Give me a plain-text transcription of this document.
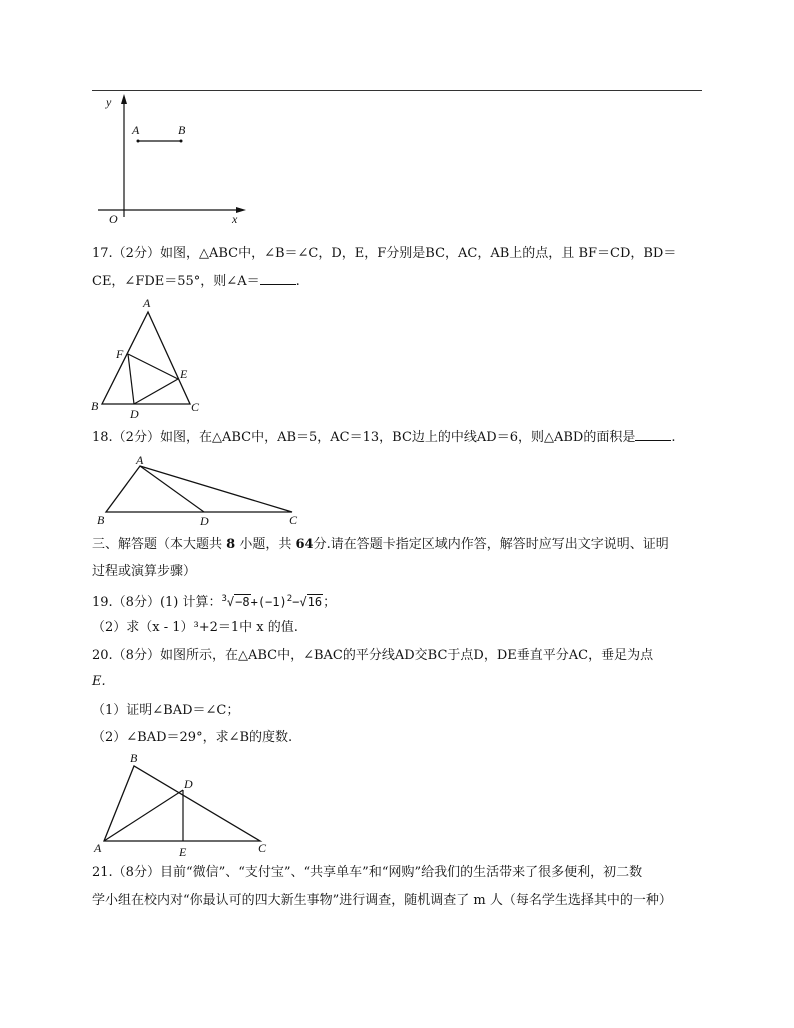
y
x
O
A	B
17.（2分）如图，△ABC中，∠B＝∠C，D，E，F分别是BC，AC，AB上的点，且 BF＝CD，BD＝
CE，∠FDE＝55°，则∠A＝	.
A
B	C
D
E
F
18.（2分）如图，在△ABC中，AB＝5，AC＝13，BC边上的中线AD＝6，则△ABD的面积是	.
A
B	C
D
三、解答题（本大题共 8 小题，共 64分.请在答题卡指定区域内作答，解答时应写出文字说明、证明
过程或演算步骤）
19.（8分）(1) 计算：$^3√-8+(-1)^2-√16$；
（2）求（x - 1）³+2＝1中 x 的值.
20.（8分）如图所示，在△ABC中，∠BAC的平分线AD交BC于点D，DE垂直平分AC，垂足为点
E.
（1）证明∠BAD＝∠C；
（2）∠BAD＝29°，求∠B的度数.
A
B
C
D
E
21.（8分）目前“微信”、“支付宝”、“共享单车”和“网购”给我们的生活带来了很多便利，初二数
学小组在校内对“你最认可的四大新生事物”进行调查，随机调查了 m 人（每名学生选择其中的一种）
